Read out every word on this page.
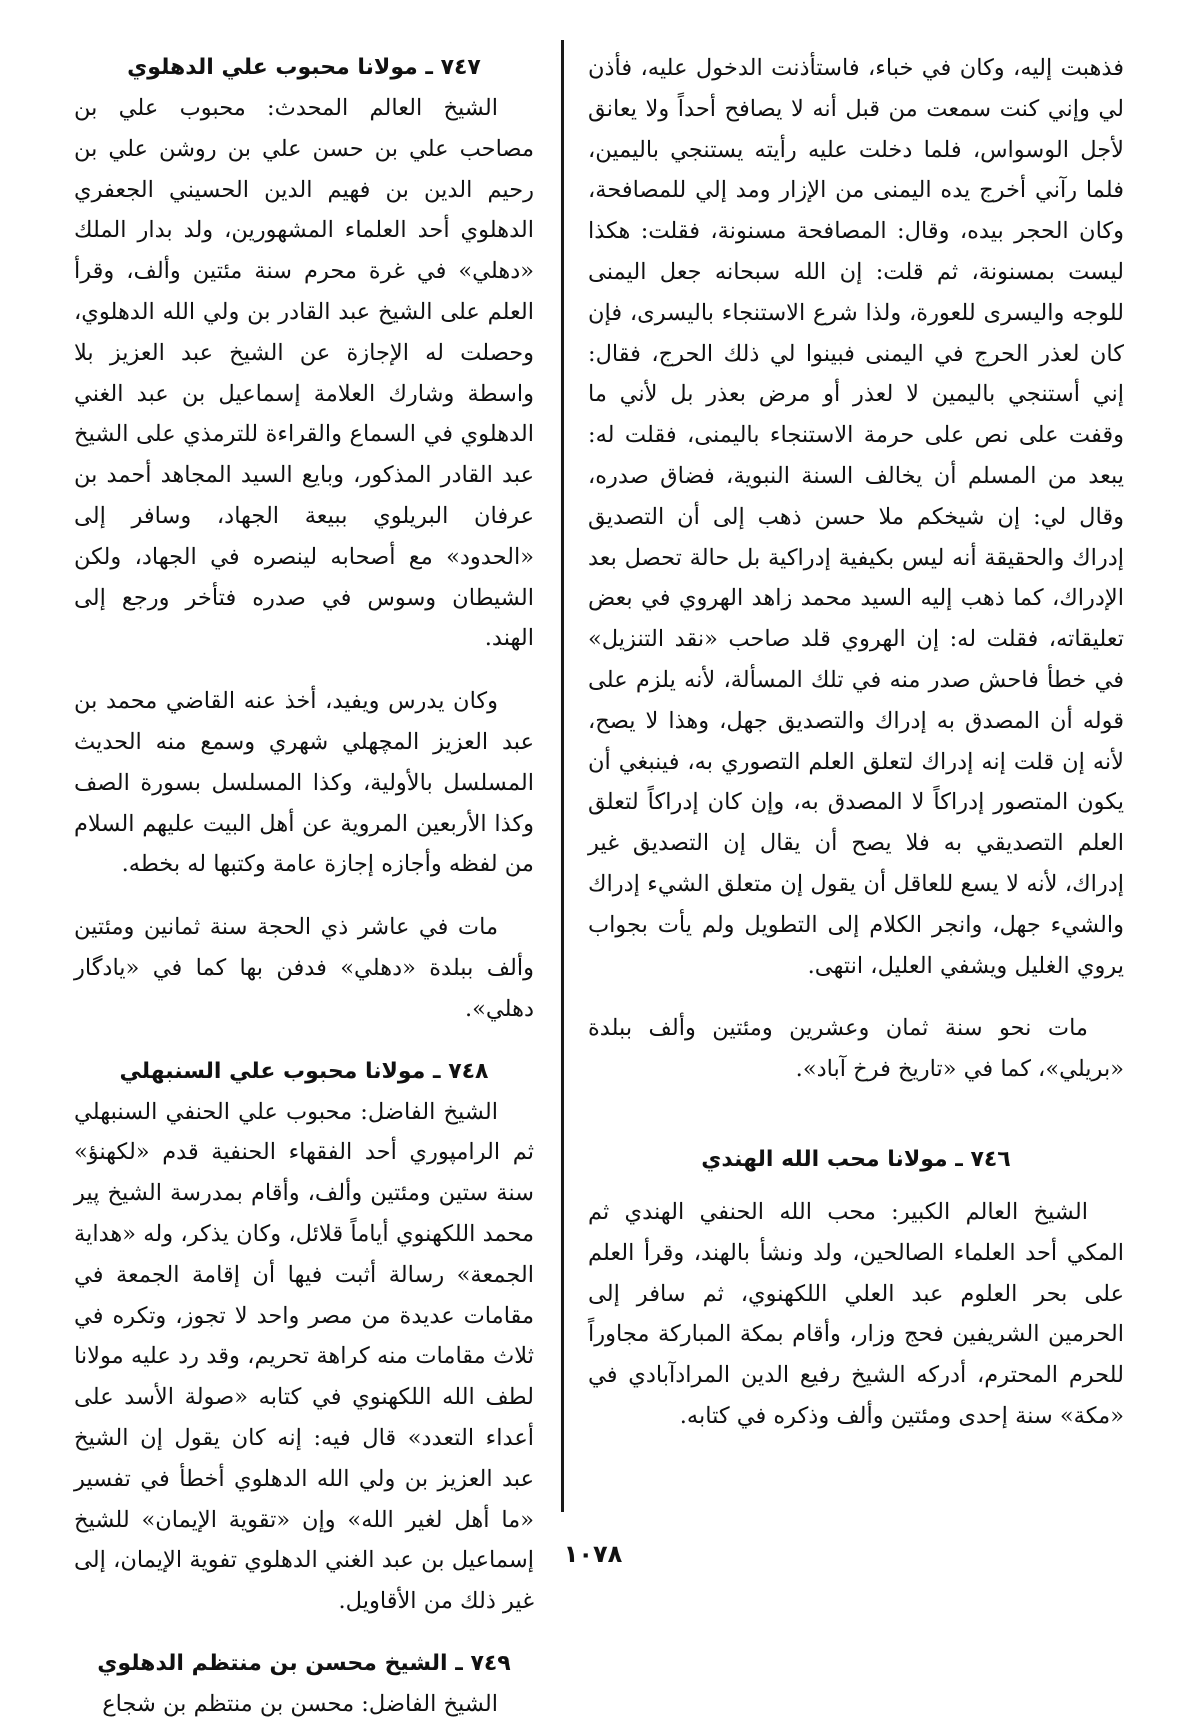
فذهبت إليه، وكان في خباء، فاستأذنت الدخول عليه، فأذن لي وإني كنت سمعت من قبل أنه لا يصافح أحداً ولا يعانق لأجل الوسواس، فلما دخلت عليه رأيته يستنجي باليمين، فلما رآني أخرج يده اليمنى من الإزار ومد إلي للمصافحة، وكان الحجر بيده، وقال: المصافحة مسنونة، فقلت: هكذا ليست بمسنونة، ثم قلت: إن الله سبحانه جعل اليمنى للوجه واليسرى للعورة، ولذا شرع الاستنجاء باليسرى، فإن كان لعذر الحرج في اليمنى فبينوا لي ذلك الحرج، فقال: إني أستنجي باليمين لا لعذر أو مرض بعذر بل لأني ما وقفت على نص على حرمة الاستنجاء باليمنى، فقلت له: يبعد من المسلم أن يخالف السنة النبوية، فضاق صدره، وقال لي: إن شيخكم ملا حسن ذهب إلى أن التصديق إدراك والحقيقة أنه ليس بكيفية إدراكية بل حالة تحصل بعد الإدراك، كما ذهب إليه السيد محمد زاهد الهروي في بعض تعليقاته، فقلت له: إن الهروي قلد صاحب «نقد التنزيل» في خطأ فاحش صدر منه في تلك المسألة، لأنه يلزم على قوله أن المصدق به إدراك والتصديق جهل، وهذا لا يصح، لأنه إن قلت إنه إدراك لتعلق العلم التصوري به، فينبغي أن يكون المتصور إدراكاً لا المصدق به، وإن كان إدراكاً لتعلق العلم التصديقي به فلا يصح أن يقال إن التصديق غير إدراك، لأنه لا يسع للعاقل أن يقول إن متعلق الشيء إدراك والشيء جهل، وانجر الكلام إلى التطويل ولم يأت بجواب يروي الغليل ويشفي العليل، انتهى.

مات نحو سنة ثمان وعشرين ومئتين وألف ببلدة «بريلي»، كما في «تاريخ فرخ آباد».

٧٤٦ ـ مولانا محب الله الهندي

الشيخ العالم الكبير: محب الله الحنفي الهندي ثم المكي أحد العلماء الصالحين، ولد ونشأ بالهند، وقرأ العلم على بحر العلوم عبد العلي اللكهنوي، ثم سافر إلى الحرمين الشريفين فحج وزار، وأقام بمكة المباركة مجاوراً للحرم المحترم، أدركه الشيخ رفيع الدين المرادآبادي في «مكة» سنة إحدى ومئتين وألف وذكره في كتابه.

٧٤٧ ـ مولانا محبوب علي الدهلوي

الشيخ العالم المحدث: محبوب علي بن مصاحب علي بن حسن علي بن روشن علي بن رحيم الدين بن فهيم الدين الحسيني الجعفري الدهلوي أحد العلماء المشهورين، ولد بدار الملك «دهلي» في غرة محرم سنة مئتين وألف، وقرأ العلم على الشيخ عبد القادر بن ولي الله الدهلوي، وحصلت له الإجازة عن الشيخ عبد العزيز بلا واسطة وشارك العلامة إسماعيل بن عبد الغني الدهلوي في السماع والقراءة للترمذي على الشيخ عبد القادر المذكور، وبايع السيد المجاهد أحمد بن عرفان البريلوي ببيعة الجهاد، وسافر إلى «الحدود» مع أصحابه لينصره في الجهاد، ولكن الشيطان وسوس في صدره فتأخر ورجع إلى الهند.

وكان يدرس ويفيد، أخذ عنه القاضي محمد بن عبد العزيز المچهلي شهري وسمع منه الحديث المسلسل بالأولية، وكذا المسلسل بسورة الصف وكذا الأربعين المروية عن أهل البيت عليهم السلام من لفظه وأجازه إجازة عامة وكتبها له بخطه.

مات في عاشر ذي الحجة سنة ثمانين ومئتين وألف ببلدة «دهلي» فدفن بها كما في «يادگار دهلي».

٧٤٨ ـ مولانا محبوب علي السنبهلي

الشيخ الفاضل: محبوب علي الحنفي السنبهلي ثم الرامپوري أحد الفقهاء الحنفية قدم «لكهنؤ» سنة ستين ومئتين وألف، وأقام بمدرسة الشيخ پير محمد اللكهنوي أياماً قلائل، وكان يذكر، وله «هداية الجمعة» رسالة أثبت فيها أن إقامة الجمعة في مقامات عديدة من مصر واحد لا تجوز، وتكره في ثلاث مقامات منه كراهة تحريم، وقد رد عليه مولانا لطف الله اللكهنوي في كتابه «صولة الأسد على أعداء التعدد» قال فيه: إنه كان يقول إن الشيخ عبد العزيز بن ولي الله الدهلوي أخطأ في تفسير «ما أهل لغير الله» وإن «تقوية الإيمان» للشيخ إسماعيل بن عبد الغني الدهلوي تفوية الإيمان، إلى غير ذلك من الأقاويل.

٧٤٩ ـ الشيخ محسن بن منتظم الدهلوي

الشيخ الفاضل: محسن بن منتظم بن شجاع

١٠٧٨
